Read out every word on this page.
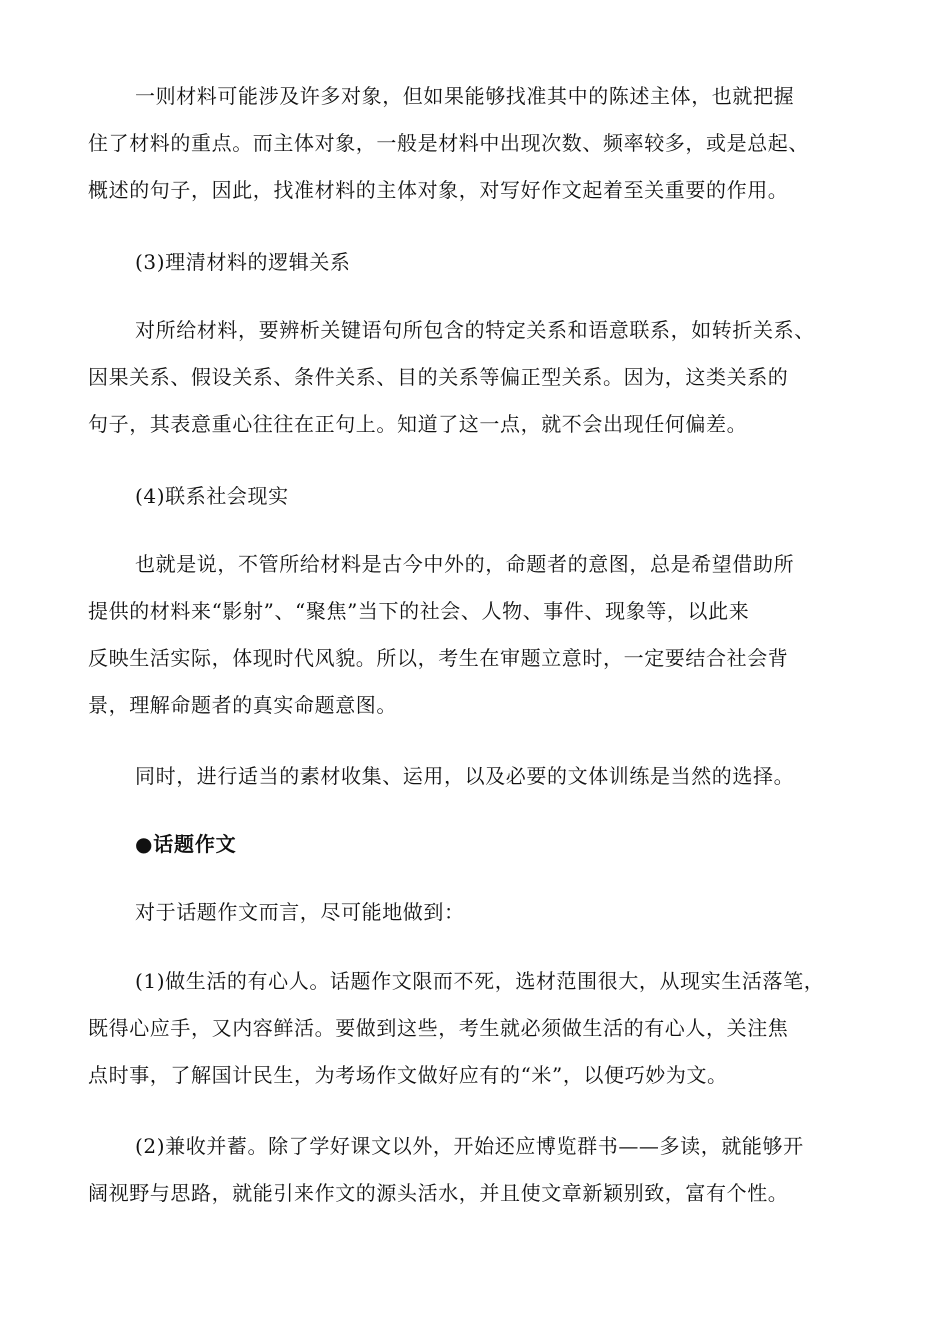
一则材料可能涉及许多对象，但如果能够找准其中的陈述主体，也就把握
住了材料的重点。而主体对象，一般是材料中出现次数、频率较多，或是总起、
概述的句子，因此，找准材料的主体对象，对写好作文起着至关重要的作用。
(3)理清材料的逻辑关系
对所给材料，要辨析关键语句所包含的特定关系和语意联系，如转折关系、
因果关系、假设关系、条件关系、目的关系等偏正型关系。因为，这类关系的
句子，其表意重心往往在正句上。知道了这一点，就不会出现任何偏差。
(4)联系社会现实
也就是说，不管所给材料是古今中外的，命题者的意图，总是希望借助所
提供的材料来“影射”、“聚焦”当下的社会、人物、事件、现象等，以此来
反映生活实际，体现时代风貌。所以，考生在审题立意时，一定要结合社会背
景，理解命题者的真实命题意图。
同时，进行适当的素材收集、运用，以及必要的文体训练是当然的选择。
●话题作文
对于话题作文而言，尽可能地做到：
(1)做生活的有心人。话题作文限而不死，选材范围很大，从现实生活落笔，
既得心应手，又内容鲜活。要做到这些，考生就必须做生活的有心人，关注焦
点时事，了解国计民生，为考场作文做好应有的“米”，以便巧妙为文。
(2)兼收并蓄。除了学好课文以外，开始还应博览群书——多读，就能够开
阔视野与思路，就能引来作文的源头活水，并且使文章新颖别致，富有个性。
